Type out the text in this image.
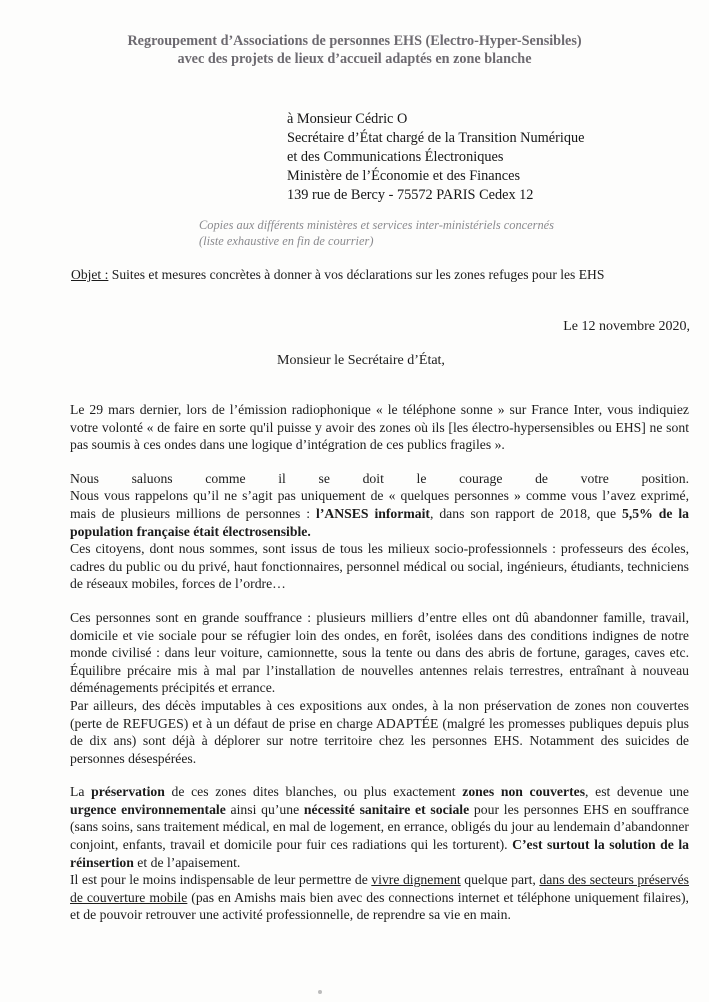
Regroupement d’Associations de personnes EHS (Electro-Hyper-Sensibles)
avec des projets de lieux d’accueil adaptés en zone blanche
à Monsieur Cédric O
Secrétaire d’État chargé de la Transition Numérique
et des Communications Électroniques
Ministère de l’Économie et des Finances
139 rue de Bercy - 75572 PARIS Cedex 12
Copies aux différents ministères et services inter-ministériels concernés
(liste exhaustive en fin de courrier)
Objet : Suites et mesures concrètes à donner à vos déclarations sur les zones refuges pour les EHS
Le 12 novembre 2020,
Monsieur le Secrétaire d’État,

Le 29 mars dernier, lors de l’émission radiophonique « le téléphone sonne » sur France Inter, vous indiquiez votre volonté « de faire en sorte qu'il puisse y avoir des zones où ils [les électro-hypersensibles ou EHS] ne sont pas soumis à ces ondes dans une logique d’intégration de ces publics fragiles ».

Nous saluons comme il se doit le courage de votre position.

Nous vous rappelons qu’il ne s’agit pas uniquement de « quelques personnes » comme vous l’avez exprimé, mais de plusieurs millions de personnes : l’ANSES informait, dans son rapport de 2018, que 5,5% de la population française était électrosensible.

Ces citoyens, dont nous sommes, sont issus de tous les milieux socio-professionnels : professeurs des écoles, cadres du public ou du privé, haut fonctionnaires, personnel médical ou social, ingénieurs, étudiants, techniciens de réseaux mobiles, forces de l’ordre…

Ces personnes sont en grande souffrance : plusieurs milliers d’entre elles ont dû abandonner famille, travail, domicile et vie sociale pour se réfugier loin des ondes, en forêt, isolées dans des conditions indignes de notre monde civilisé : dans leur voiture, camionnette, sous la tente ou dans des abris de fortune, garages, caves etc. Équilibre précaire mis à mal par l’installation de nouvelles antennes relais terrestres, entraînant à nouveau déménagements précipités et errance.

Par ailleurs, des décès imputables à ces expositions aux ondes, à la non préservation de zones non couvertes (perte de REFUGES) et à un défaut de prise en charge ADAPTÉE (malgré les promesses publiques depuis plus de dix ans) sont déjà à déplorer sur notre territoire chez les personnes EHS. Notamment des suicides de personnes désespérées.

La préservation de ces zones dites blanches, ou plus exactement zones non couvertes, est devenue une urgence environnementale ainsi qu’une nécessité sanitaire et sociale pour les personnes EHS en souffrance (sans soins, sans traitement médical, en mal de logement, en errance, obligés du jour au lendemain d’abandonner conjoint, enfants, travail et domicile pour fuir ces radiations qui les torturent). C’est surtout la solution de la réinsertion et de l’apaisement.

Il est pour le moins indispensable de leur permettre de vivre dignement quelque part, dans des secteurs préservés de couverture mobile (pas en Amishs mais bien avec des connections internet et téléphone uniquement filaires), et de pouvoir retrouver une activité professionnelle, de reprendre sa vie en main.
